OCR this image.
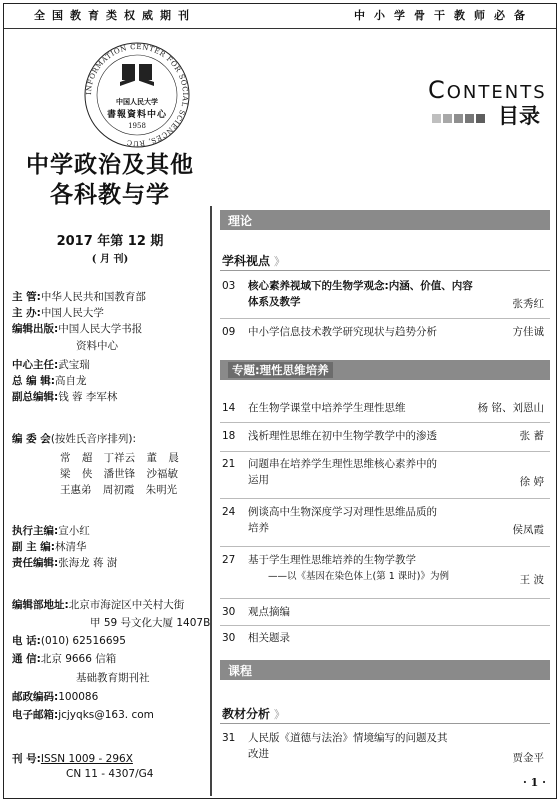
全国教育类权威期刊	中小学骨干教师必备
INFORMATION CENTER FOR SOCIAL SCIENCES, RUC
中国人民大学
書報資料中心
1958
中学政治及其他
各科教与学
2017 年第 12 期
( 月 刊)
主 管:中华人民共和国教育部
主 办:中国人民大学
编辑出版:中国人民大学书报
资料中心
中心主任:武宝瑞
总 编 辑:高自龙
副总编辑:钱 蓉 李军林
编 委 会(按姓氏音序排列):
常 超 丁祥云 董 晨
梁 侠 潘世锋 沙福敏
王惠弟 周初霞 朱明光
执行主编:宣小红
副 主 编:林清华
责任编辑:张海龙 蒋 澍
编辑部地址:北京市海淀区中关村大街
甲 59 号文化大厦 1407B
电 话:(010) 62516695
通 信:北京 9666 信箱
基础教育期刊社
邮政编码:100086
电子邮箱:jcjyqks@163. com
刊 号:ISSN 1009 - 296X
CN 11 - 4307/G4
CONTENTS
目录
理论
学科视点 》
03	核心素养视域下的生物学观念:内涵、价值、内容
体系及教学	张秀红
09	中小学信息技术教学研究现状与趋势分析	方佳诚
专题:理性思维培养
14	在生物学课堂中培养学生理性思维	杨 铭、刘恩山
18	浅析理性思维在初中生物学教学中的渗透	张 蓄
21	问题串在培养学生理性思维核心素养中的
运用	徐 婷
24	例谈高中生物深度学习对理性思维品质的
培养	侯凤霞
27	基于学生理性思维培养的生物学教学
——以《基因在染色体上(第 1 课时)》为例	王 波
30	观点摘编
30	相关题录
课程
教材分析 》
31	人民版《道德与法治》情境编写的问题及其
改进	贾金平
· 1 ·
